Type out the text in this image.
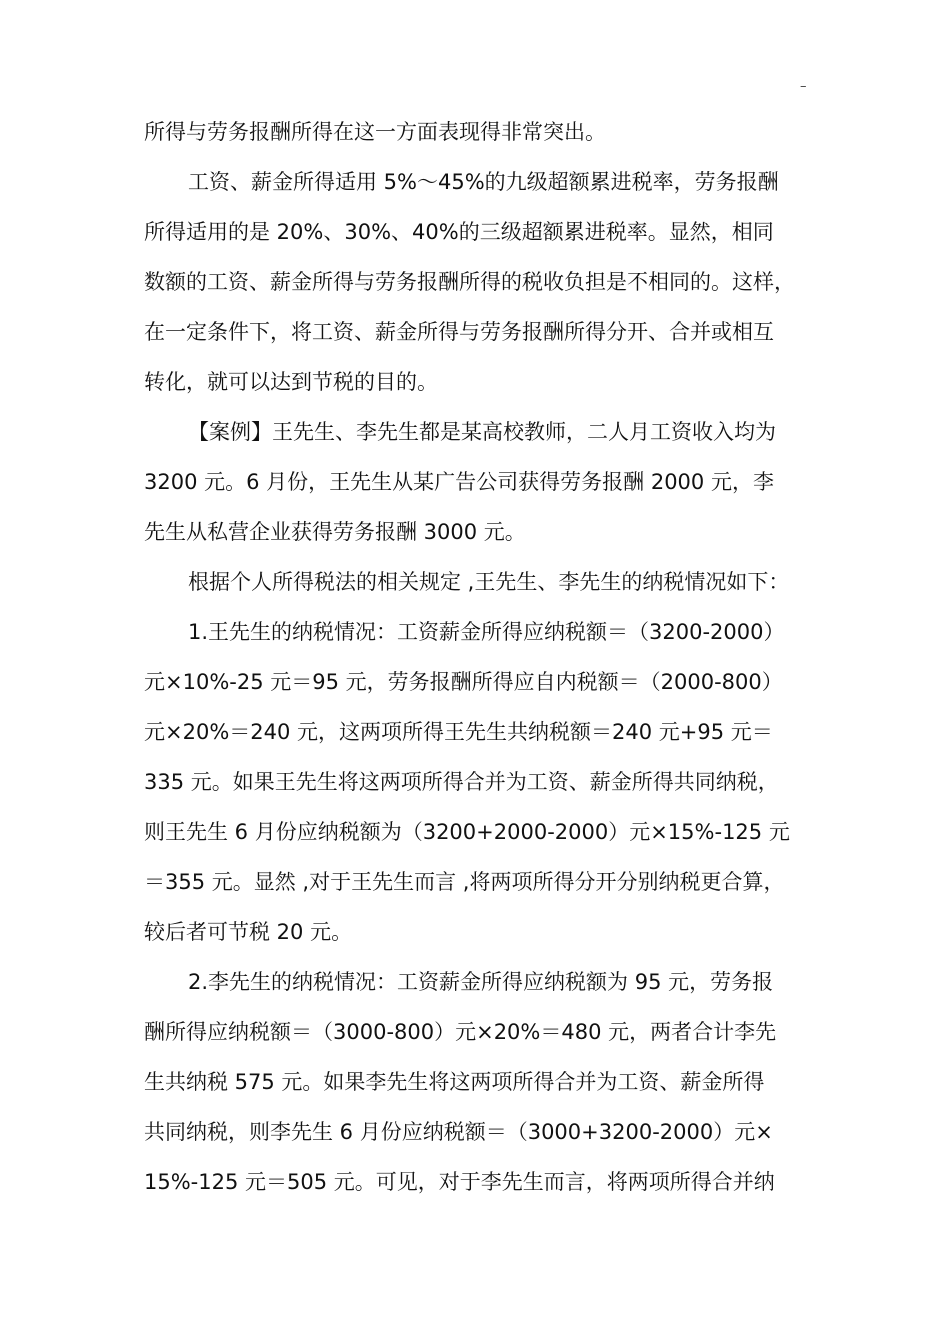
–
所得与劳务报酬所得在这一方面表现得非常突出。
工资、薪金所得适用 5%～45%的九级超额累进税率，劳务报酬
所得适用的是 20%、30%、40%的三级超额累进税率。显然，相同
数额的工资、薪金所得与劳务报酬所得的税收负担是不相同的。这样，
在一定条件下，将工资、薪金所得与劳务报酬所得分开、合并或相互
转化，就可以达到节税的目的。
【案例】王先生、李先生都是某高校教师，二人月工资收入均为
3200 元。6 月份，王先生从某广告公司获得劳务报酬 2000 元，李
先生从私营企业获得劳务报酬 3000 元。
根据个人所得税法的相关规定 ,王先生、李先生的纳税情况如下：
1.王先生的纳税情况：工资薪金所得应纳税额＝（3200-2000）
元×10%-25 元＝95 元，劳务报酬所得应自内税额＝（2000-800）
元×20%＝240 元，这两项所得王先生共纳税额＝240 元+95 元＝
335 元。如果王先生将这两项所得合并为工资、薪金所得共同纳税，
则王先生 6 月份应纳税额为（3200+2000-2000）元×15%-125 元
＝355 元。显然 ,对于王先生而言 ,将两项所得分开分别纳税更合算，
较后者可节税 20 元。
2.李先生的纳税情况：工资薪金所得应纳税额为 95 元，劳务报
酬所得应纳税额＝（3000-800）元×20%＝480 元，两者合计李先
生共纳税 575 元。如果李先生将这两项所得合并为工资、薪金所得
共同纳税，则李先生 6 月份应纳税额＝（3000+3200-2000）元×
15%-125 元＝505 元。可见，对于李先生而言，将两项所得合并纳
